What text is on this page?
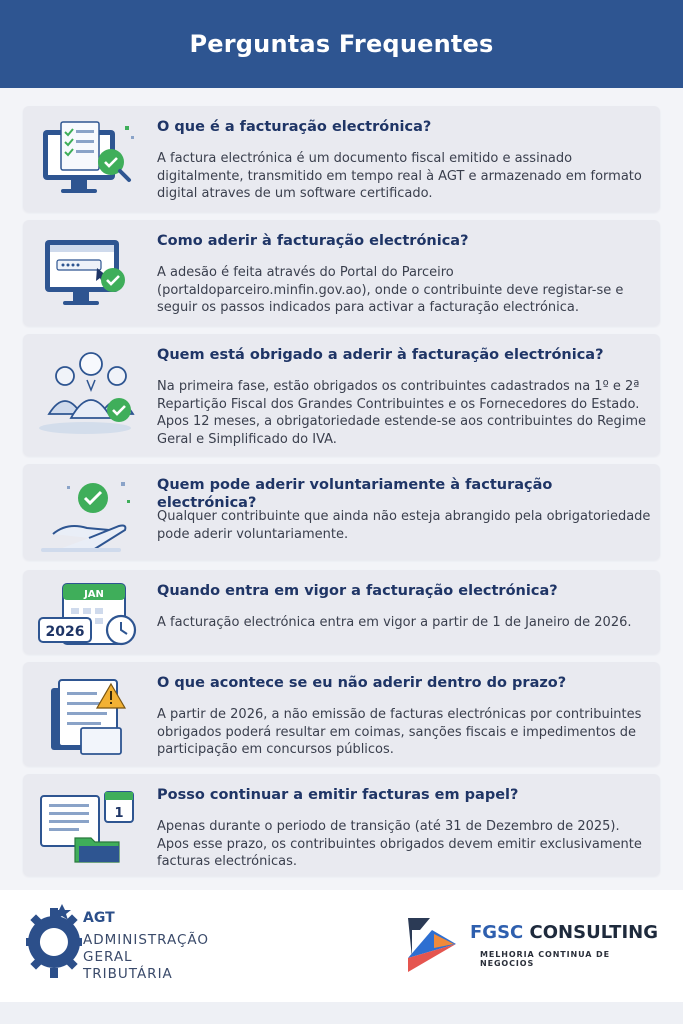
Perguntas Frequentes
O que é a facturação electrónica?
A factura electrónica é um documento fiscal emitido e assinado digitalmente, transmitido em tempo real à AGT e armazenado em formato digital atraves de um software certificado.
Como aderir à facturação electrónica?
A adesão é feita através do Portal do Parceiro (portaldoparceiro.minfin.gov.ao), onde o contribuinte deve registar-se e seguir os passos indicados para activar a facturação electrónica.
Quem está obrigado a aderir à facturação electrónica?
Na primeira fase, estão obrigados os contribuintes cadastrados na 1º e 2ª Repartição Fiscal dos Grandes Contribuintes e os Fornecedores do Estado. Apos 12 meses, a obrigatoriedade estende-se aos contribuintes do Regime Geral e Simplificado do IVA.
Quem pode aderir voluntariamente à facturação electrónica?
Qualquer contribuinte que ainda não esteja abrangido pela obrigatoriedade pode aderir voluntariamente.
JAN
2026
Quando entra em vigor a facturação electrónica?
A facturação electrónica entra em vigor a partir de 1 de Janeiro de 2026.
O que acontece se eu não aderir dentro do prazo?
A partir de 2026, a não emissão de facturas electrónicas por contribuintes obrigados poderá resultar em coimas, sanções fiscais e impedimentos de participação em concursos públicos.
1
Posso continuar a emitir facturas em papel?
Apenas durante o periodo de transição (até 31 de Dezembro de 2025). Apos esse prazo, os contribuintes obrigados devem emitir exclusivamente facturas electrónicas.
AGT
ADMINISTRAÇÃO
GERAL
TRIBUTÁRIA
FGSC CONSULTING
MELHORIA CONTINUA DE NEGOCIOS
